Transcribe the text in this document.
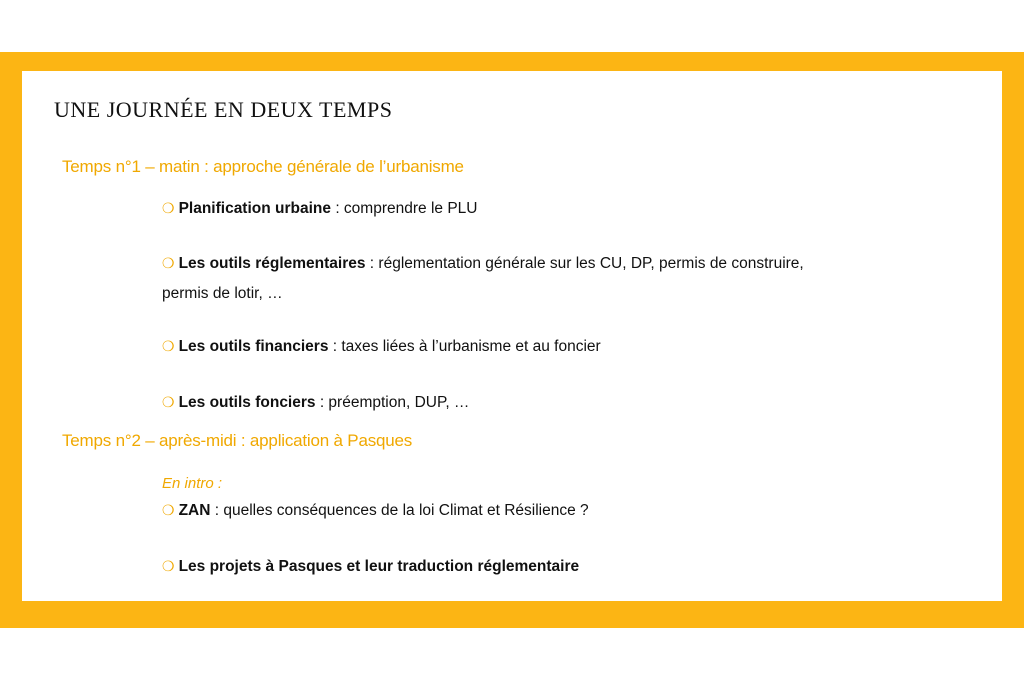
UNE JOURNÉE EN DEUX TEMPS

Temps n°1 – matin : approche générale de l’urbanisme

❍ Planification urbaine : comprendre le PLU
❍ Les outils réglementaires : réglementation générale sur les CU, DP, permis de construire, permis de lotir, …
❍ Les outils financiers : taxes liées à l’urbanisme et au foncier
❍ Les outils fonciers : préemption, DUP, …

Temps n°2 – après-midi : application à Pasques

En intro :
❍ ZAN : quelles conséquences de la loi Climat et Résilience ?
❍ Les projets à Pasques et leur traduction réglementaire
